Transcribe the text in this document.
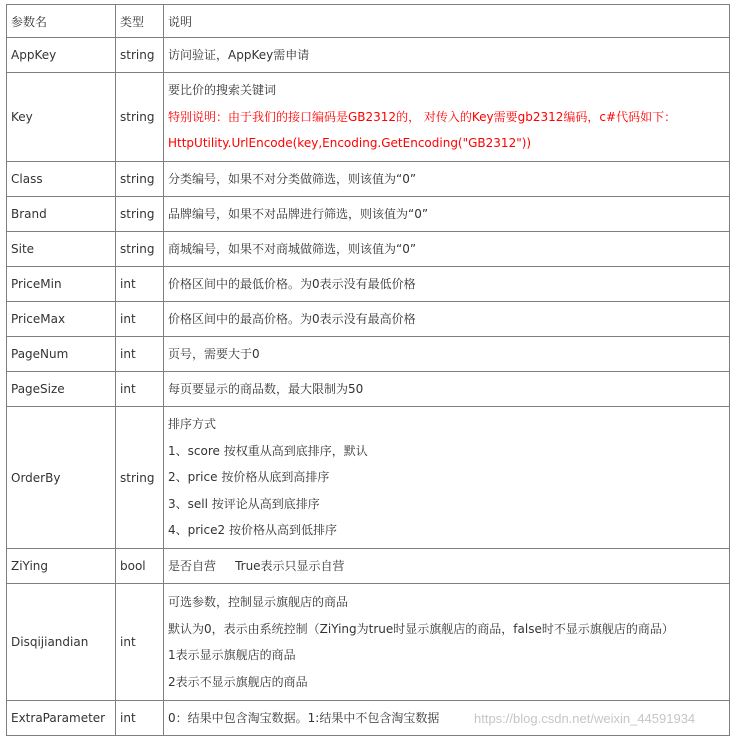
参数名	类型	说明
AppKey	string	访问验证，AppKey需申请

Key	string	要比价的搜索关键词
特别说明：由于我们的接口编码是GB2312的， 对传入的Key需要gb2312编码，c#代码如下：
HttpUtility.UrlEncode(key,Encoding.GetEncoding("GB2312"))

Class	string	分类编号，如果不对分类做筛选，则该值为“0”

Brand	string	品牌编号，如果不对品牌进行筛选，则该值为“0”

Site	string	商城编号，如果不对商城做筛选，则该值为“0”

PriceMin	int	价格区间中的最低价格。为0表示没有最低价格

PriceMax	int	价格区间中的最高价格。为0表示没有最高价格

PageNum	int	页号，需要大于0

PageSize	int	每页要显示的商品数，最大限制为50

OrderBy	string	排序方式
1、score 按权重从高到底排序，默认
2、price 按价格从底到高排序
3、sell 按评论从高到底排序
4、price2 按价格从高到低排序

ZiYing	bool	是否自营     True表示只显示自营

Disqijiandian	int	可选参数，控制显示旗舰店的商品
默认为0，表示由系统控制（ZiYing为true时显示旗舰店的商品，false时不显示旗舰店的商品）
1表示显示旗舰店的商品
2表示不显示旗舰店的商品

ExtraParameter	int	0：结果中包含淘宝数据。1:结果中不包含淘宝数据	https://blog.csdn.net/weixin_44591934
